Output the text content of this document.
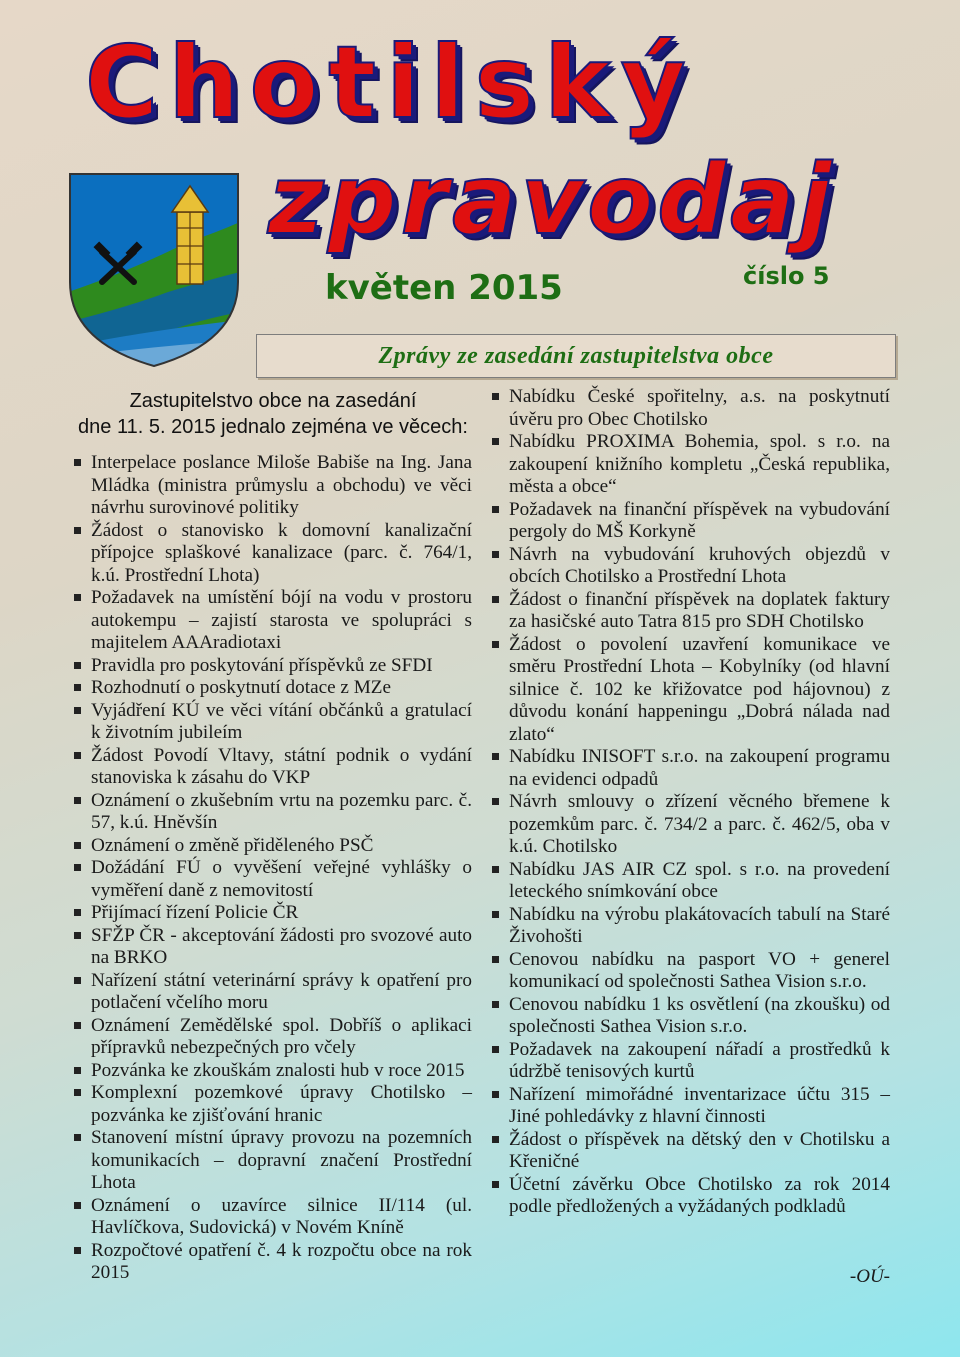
Chotilský
zpravodaj
květen 2015	číslo 5
Zprávy ze zasedání zastupitelstva obce
Zastupitelstvo obce na zasedání
dne 11. 5. 2015 jednalo zejména ve věcech:
Interpelace poslance Miloše Babiše na Ing. Jana Mládka (ministra průmyslu a obchodu) ve věci návrhu surovinové politiky
Žádost o stanovisko k domovní kanalizační přípojce splaškové kanalizace (parc. č. 764/1, k.ú. Prostřední Lhota)
Požadavek na umístění bójí na vodu v prostoru autokempu – zajistí starosta ve spolupráci s majitelem AAAradiotaxi
Pravidla pro poskytování příspěvků ze SFDI
Rozhodnutí o poskytnutí dotace z MZe
Vyjádření KÚ ve věci vítání občánků a gratulací k životním jubileím
Žádost Povodí Vltavy, státní podnik o vydání stanoviska k zásahu do VKP
Oznámení o zkušebním vrtu na pozemku parc. č. 57, k.ú. Hněvšín
Oznámení o změně přiděleného PSČ
Dožádání FÚ o vyvěšení veřejné vyhlášky o vyměření daně z nemovitostí
Přijímací řízení Policie ČR
SFŽP ČR - akceptování žádosti pro svozové auto na BRKO
Nařízení státní veterinární správy k opatření pro potlačení včelího moru
Oznámení Zemědělské spol. Dobříš o aplikaci přípravků nebezpečných pro včely
Pozvánka ke zkouškám znalosti hub v roce 2015
Komplexní pozemkové úpravy Chotilsko – pozvánka ke zjišťování hranic
Stanovení místní úpravy provozu na pozemních komunikacích – dopravní značení Prostřední Lhota
Oznámení o uzavírce silnice II/114 (ul. Havlíčkova, Sudovická) v Novém Kníně
Rozpočtové opatření č. 4 k rozpočtu obce na rok 2015
Nabídku České spořitelny, a.s. na poskytnutí úvěru pro Obec Chotilsko
Nabídku PROXIMA Bohemia, spol. s r.o. na zakoupení knižního kompletu „Česká republika, města a obce“
Požadavek na finanční příspěvek na vybudování pergoly do MŠ Korkyně
Návrh na vybudování kruhových objezdů v obcích Chotilsko a Prostřední Lhota
Žádost o finanční příspěvek na doplatek faktury za hasičské auto Tatra 815 pro SDH Chotilsko
Žádost o povolení uzavření komunikace ve směru Prostřední Lhota – Kobylníky (od hlavní silnice č. 102 ke křižovatce pod hájovnou) z důvodu konání happeningu „Dobrá nálada nad zlato“
Nabídku INISOFT s.r.o. na zakoupení programu na evidenci odpadů
Návrh smlouvy o zřízení věcného břemene k pozemkům parc. č. 734/2 a parc. č. 462/5, oba v k.ú. Chotilsko
Nabídku JAS AIR CZ spol. s r.o. na provedení leteckého snímkování obce
Nabídku na výrobu plakátovacích tabulí na Staré Živohošti
Cenovou nabídku na pasport VO + generel komunikací od společnosti Sathea Vision s.r.o.
Cenovou nabídku 1 ks osvětlení (na zkoušku) od společnosti Sathea Vision s.r.o.
Požadavek na zakoupení nářadí a prostředků k údržbě tenisových kurtů
Nařízení mimořádné inventarizace účtu 315 – Jiné pohledávky z hlavní činnosti
Žádost o příspěvek na dětský den v Chotilsku a Křeničné
Účetní závěrku Obce Chotilsko za rok 2014 podle předložených a vyžádaných podkladů
-OÚ-
